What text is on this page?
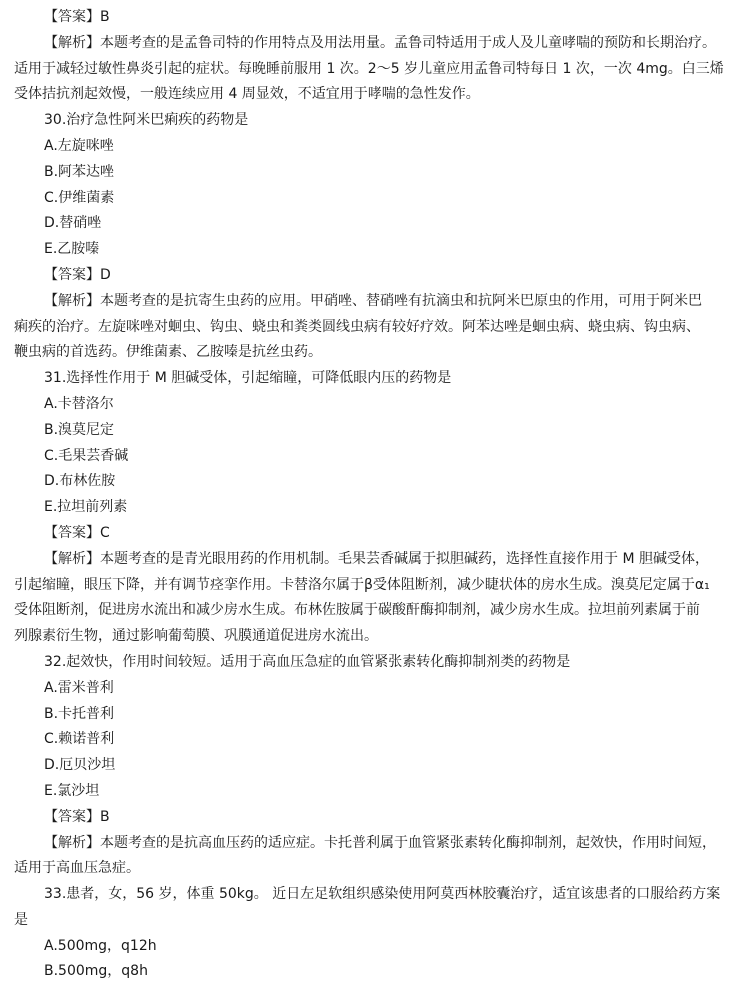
【答案】B
【解析】本题考查的是孟鲁司特的作用特点及用法用量。孟鲁司特适用于成人及儿童哮喘的预防和长期治疗。
适用于减轻过敏性鼻炎引起的症状。每晚睡前服用 1 次。2～5 岁儿童应用孟鲁司特每日 1 次，一次 4mg。白三烯
受体拮抗剂起效慢，一般连续应用 4 周显效，不适宜用于哮喘的急性发作。
30.治疗急性阿米巴痢疾的药物是
A.左旋咪唑
B.阿苯达唑
C.伊维菌素
D.替硝唑
E.乙胺嗪
【答案】D
【解析】本题考查的是抗寄生虫药的应用。甲硝唑、替硝唑有抗滴虫和抗阿米巴原虫的作用，可用于阿米巴
痢疾的治疗。左旋咪唑对蛔虫、钩虫、蛲虫和粪类圆线虫病有较好疗效。阿苯达唑是蛔虫病、蛲虫病、钩虫病、
鞭虫病的首选药。伊维菌素、乙胺嗪是抗丝虫药。
31.选择性作用于 M 胆碱受体，引起缩瞳，可降低眼内压的药物是
A.卡替洛尔
B.溴莫尼定
C.毛果芸香碱
D.布林佐胺
E.拉坦前列素
【答案】C
【解析】本题考查的是青光眼用药的作用机制。毛果芸香碱属于拟胆碱药，选择性直接作用于 M 胆碱受体，
引起缩瞳，眼压下降，并有调节痉挛作用。卡替洛尔属于β受体阻断剂，减少睫状体的房水生成。溴莫尼定属于α₁
受体阻断剂，促进房水流出和减少房水生成。布林佐胺属于碳酸酐酶抑制剂，减少房水生成。拉坦前列素属于前
列腺素衍生物，通过影响葡萄膜、巩膜通道促进房水流出。
32.起效快，作用时间较短。适用于高血压急症的血管紧张素转化酶抑制剂类的药物是
A.雷米普利
B.卡托普利
C.赖诺普利
D.厄贝沙坦
E.氯沙坦
【答案】B
【解析】本题考查的是抗高血压药的适应症。卡托普利属于血管紧张素转化酶抑制剂，起效快，作用时间短，
适用于高血压急症。
33.患者，女，56 岁，体重 50kg。 近日左足软组织感染使用阿莫西林胶囊治疗，适宜该患者的口服给药方案
是
A.500mg，q12h
B.500mg，q8h
